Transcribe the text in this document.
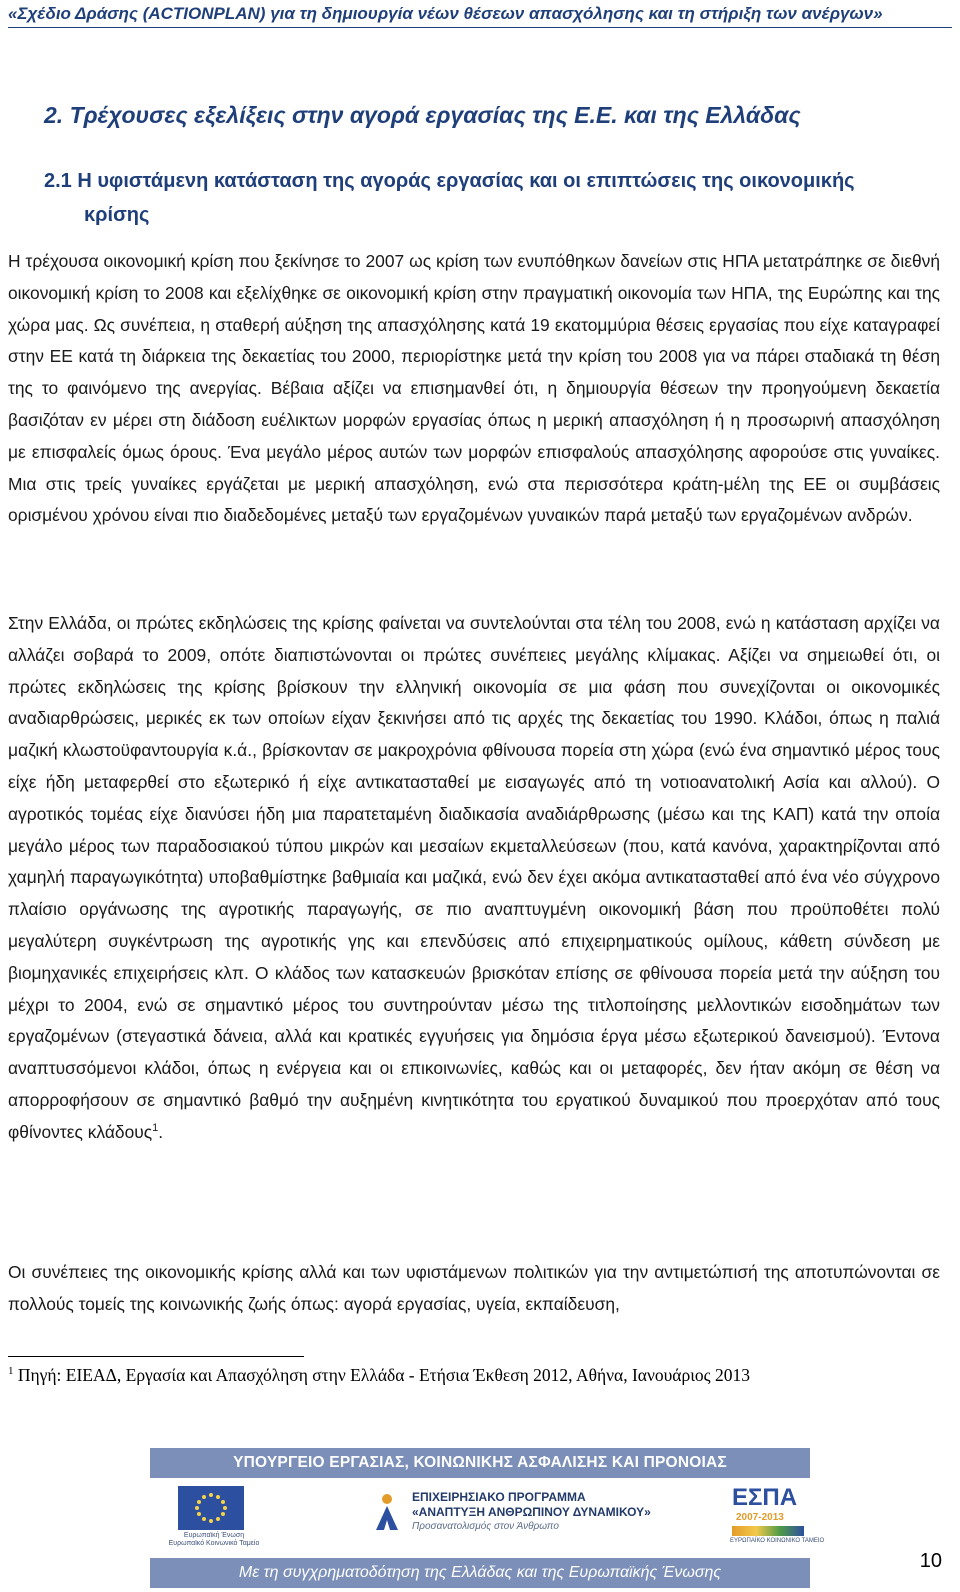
«Σχέδιο Δράσης (ACTIONPLAN) για τη δημιουργία νέων θέσεων απασχόλησης και τη στήριξη των ανέργων»
2. Τρέχουσες εξελίξεις στην αγορά εργασίας της Ε.Ε. και της Ελλάδας
2.1 Η υφιστάμενη κατάσταση της αγοράς εργασίας και οι επιπτώσεις της οικονομικής
κρίσης

Η τρέχουσα οικονομική κρίση που ξεκίνησε το 2007 ως κρίση των ενυπόθηκων δανείων στις ΗΠΑ μετατράπηκε σε διεθνή οικονομική κρίση το 2008 και εξελίχθηκε σε οικονομική κρίση στην πραγματική οικονομία των ΗΠΑ, της Ευρώπης και της χώρα μας. Ως συνέπεια, η σταθερή αύξηση της απασχόλησης κατά 19 εκατομμύρια θέσεις εργασίας που είχε καταγραφεί στην ΕΕ κατά τη διάρκεια της δεκαετίας του 2000, περιορίστηκε μετά την κρίση του 2008 για να πάρει σταδιακά τη θέση της το φαινόμενο της ανεργίας. Βέβαια αξίζει να επισημανθεί ότι, η δημιουργία θέσεων την προηγούμενη δεκαετία βασιζόταν εν μέρει στη διάδοση ευέλικτων μορφών εργασίας όπως η μερική απασχόληση ή η προσωρινή απασχόληση με επισφαλείς όμως όρους. Ένα μεγάλο μέρος αυτών των μορφών επισφαλούς απασχόλησης αφορούσε στις γυναίκες. Μια στις τρείς γυναίκες εργάζεται με μερική απασχόληση, ενώ στα περισσότερα κράτη-μέλη της ΕΕ οι συμβάσεις ορισμένου χρόνου είναι πιο διαδεδομένες μεταξύ των εργαζομένων γυναικών παρά μεταξύ των εργαζομένων ανδρών.

Στην Ελλάδα, οι πρώτες εκδηλώσεις της κρίσης φαίνεται να συντελούνται στα τέλη του 2008, ενώ η κατάσταση αρχίζει να αλλάζει σοβαρά το 2009, οπότε διαπιστώνονται οι πρώτες συνέπειες μεγάλης κλίμακας. Αξίζει να σημειωθεί ότι, οι πρώτες εκδηλώσεις της κρίσης βρίσκουν την ελληνική οικονομία σε μια φάση που συνεχίζονται οι οικονομικές αναδιαρθρώσεις, μερικές εκ των οποίων είχαν ξεκινήσει από τις αρχές της δεκαετίας του 1990. Κλάδοι, όπως η παλιά μαζική κλωστοϋφαντουργία κ.ά., βρίσκονταν σε μακροχρόνια φθίνουσα πορεία στη χώρα (ενώ ένα σημαντικό μέρος τους είχε ήδη μεταφερθεί στο εξωτερικό ή είχε αντικατασταθεί με εισαγωγές από τη νοτιοανατολική Ασία και αλλού). Ο αγροτικός τομέας είχε διανύσει ήδη μια παρατεταμένη διαδικασία αναδιάρθρωσης (μέσω και της ΚΑΠ) κατά την οποία μεγάλο μέρος των παραδοσιακού τύπου μικρών και μεσαίων εκμεταλλεύσεων (που, κατά κανόνα, χαρακτηρίζονται από χαμηλή παραγωγικότητα) υποβαθμίστηκε βαθμιαία και μαζικά, ενώ δεν έχει ακόμα αντικατασταθεί από ένα νέο σύγχρονο πλαίσιο οργάνωσης της αγροτικής παραγωγής, σε πιο αναπτυγμένη οικονομική βάση που προϋποθέτει πολύ μεγαλύτερη συγκέντρωση της αγροτικής γης και επενδύσεις από επιχειρηματικούς ομίλους, κάθετη σύνδεση με βιομηχανικές επιχειρήσεις κλπ. Ο κλάδος των κατασκευών βρισκόταν επίσης σε φθίνουσα πορεία μετά την αύξηση του μέχρι το 2004, ενώ σε σημαντικό μέρος του συντηρούνταν μέσω της τιτλοποίησης μελλοντικών εισοδημάτων των εργαζομένων (στεγαστικά δάνεια, αλλά και κρατικές εγγυήσεις για δημόσια έργα μέσω εξωτερικού δανεισμού). Έντονα αναπτυσσόμενοι κλάδοι, όπως η ενέργεια και οι επικοινωνίες, καθώς και οι μεταφορές, δεν ήταν ακόμη σε θέση να απορροφήσουν σε σημαντικό βαθμό την αυξημένη κινητικότητα του εργατικού δυναμικού που προερχόταν από τους φθίνοντες κλάδους$^1$.

Οι συνέπειες της οικονομικής κρίσης αλλά και των υφιστάμενων πολιτικών για την αντιμετώπισή της αποτυπώνονται σε πολλούς τομείς της κοινωνικής ζωής όπως: αγορά εργασίας, υγεία, εκπαίδευση,

$^1$ Πηγή: ΕΙΕΑΔ, Εργασία και Απασχόληση στην Ελλάδα - Ετήσια Έκθεση 2012, Αθήνα, Ιανουάριος 2013
ΥΠΟΥΡΓΕΙΟ ΕΡΓΑΣΙΑΣ, ΚΟΙΝΩΝΙΚΗΣ ΑΣΦΑΛΙΣΗΣ ΚΑΙ ΠΡΟΝΟΙΑΣ
Ευρωπαϊκή Ένωση
Ευρωπαϊκό Κοινωνικό Ταμείο
ΕΠΙΧΕΙΡΗΣΙΑΚΟ ΠΡΟΓΡΑΜΜΑ
«ΑΝΑΠΤΥΞΗ ΑΝΘΡΩΠΙΝΟΥ ΔΥΝΑΜΙΚΟΥ»
Προσανατολισμός στον Άνθρωπο
ΕΣΠΑ
2007-2013
ΕΥΡΩΠΑΪΚΟ ΚΟΙΝΩΝΙΚΟ ΤΑΜΕΙΟ
Με τη συγχρηματοδότηση της Ελλάδας και της Ευρωπαϊκής Ένωσης
10
